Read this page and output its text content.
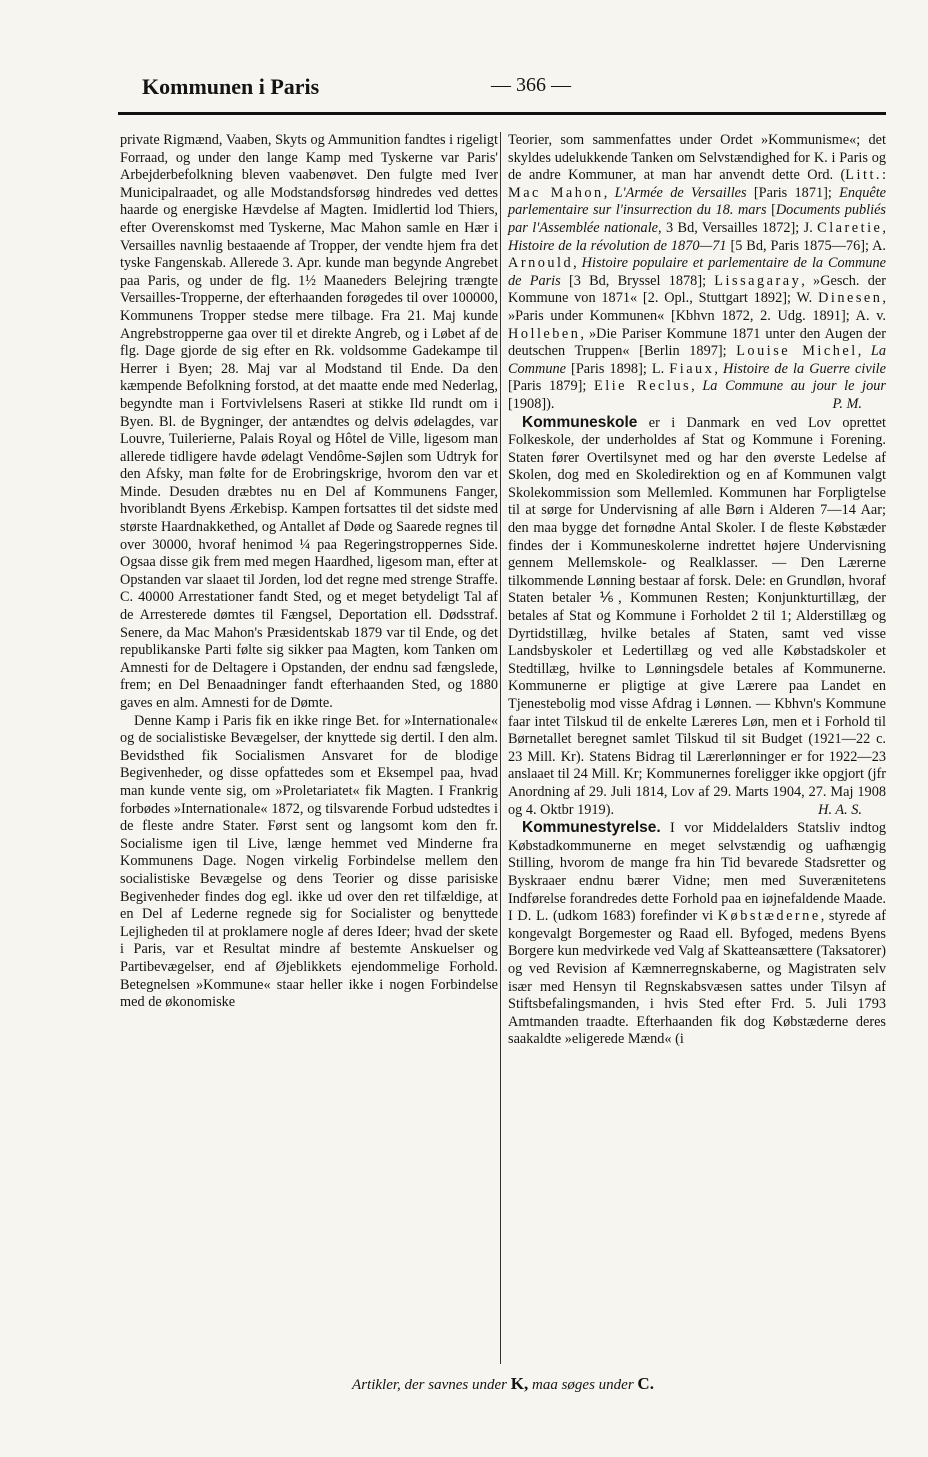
Kommunen i Paris	— 366 —

private Rigmænd, Vaaben, Skyts og Ammunition fandtes i rigeligt Forraad, og under den lange Kamp med Tyskerne var Paris' Arbejderbefolkning bleven vaabenøvet. Den fulgte med Iver Municipalraadet, og alle Modstandsforsøg hindredes ved dettes haarde og energiske Hævdelse af Magten. Imidlertid lod Thiers, efter Overenskomst med Tyskerne, Mac Mahon samle en Hær i Versailles navnlig bestaaende af Tropper, der vendte hjem fra det tyske Fangenskab. Allerede 3. Apr. kunde man begynde Angrebet paa Paris, og under de flg. 1½ Maaneders Belejring trængte Versailles-Tropperne, der efterhaanden forøgedes til over 100000, Kommunens Tropper stedse mere tilbage. Fra 21. Maj kunde Angrebstropperne gaa over til et direkte Angreb, og i Løbet af de flg. Dage gjorde de sig efter en Rk. voldsomme Gadekampe til Herrer i Byen; 28. Maj var al Modstand til Ende. Da den kæmpende Befolkning forstod, at det maatte ende med Nederlag, begyndte man i Fortvivlelsens Raseri at stikke Ild rundt om i Byen. Bl. de Bygninger, der antændtes og delvis ødelagdes, var Louvre, Tuilerierne, Palais Royal og Hôtel de Ville, ligesom man allerede tidligere havde ødelagt Vendôme-Søjlen som Udtryk for den Afsky, man følte for de Erobringskrige, hvorom den var et Minde. Desuden dræbtes nu en Del af Kommunens Fanger, hvoriblandt Byens Ærkebisp. Kampen fortsattes til det sidste med største Haardnakkethed, og Antallet af Døde og Saarede regnes til over 30000, hvoraf henimod ¼ paa Regeringstroppernes Side. Ogsaa disse gik frem med megen Haardhed, ligesom man, efter at Opstanden var slaaet til Jorden, lod det regne med strenge Straffe. C. 40000 Arrestationer fandt Sted, og et meget betydeligt Tal af de Arresterede dømtes til Fængsel, Deportation ell. Dødsstraf. Senere, da Mac Mahon's Præsidentskab 1879 var til Ende, og det republikanske Parti følte sig sikker paa Magten, kom Tanken om Amnesti for de Deltagere i Opstanden, der endnu sad fængslede, frem; en Del Benaadninger fandt efterhaanden Sted, og 1880 gaves en alm. Amnesti for de Dømte.

Denne Kamp i Paris fik en ikke ringe Bet. for »Internationale« og de socialistiske Bevægelser, der knyttede sig dertil. I den alm. Bevidsthed fik Socialismen Ansvaret for de blodige Begivenheder, og disse opfattedes som et Eksempel paa, hvad man kunde vente sig, om »Proletariatet« fik Magten. I Frankrig forbødes »Internationale« 1872, og tilsvarende Forbud udstedtes i de fleste andre Stater. Først sent og langsomt kom den fr. Socialisme igen til Live, længe hemmet ved Minderne fra Kommunens Dage. Nogen virkelig Forbindelse mellem den socialistiske Bevægelse og dens Teorier og disse parisiske Begivenheder findes dog egl. ikke ud over den ret tilfældige, at en Del af Lederne regnede sig for Socialister og benyttede Lejligheden til at proklamere nogle af deres Ideer; hvad der skete i Paris, var et Resultat mindre af bestemte Anskuelser og Partibevægelser, end af Øjeblikkets ejendommelige Forhold. Betegnelsen »Kommune« staar heller ikke i nogen Forbindelse med de økonomiske

Teorier, som sammenfattes under Ordet »Kommunisme«; det skyldes udelukkende Tanken om Selvstændighed for K. i Paris og de andre Kommuner, at man har anvendt dette Ord. (Litt.: Mac Mahon, L'Armée de Versailles [Paris 1871]; Enquête parlementaire sur l'insurrection du 18. mars [Documents publiés par l'Assemblée nationale, 3 Bd, Versailles 1872]; J. Claretie, Histoire de la révolution de 1870—71 [5 Bd, Paris 1875—76]; A. Arnould, Histoire populaire et parlementaire de la Commune de Paris [3 Bd, Bryssel 1878]; Lissagaray, »Gesch. der Kommune von 1871« [2. Opl., Stuttgart 1892]; W. Dinesen, »Paris under Kommunen« [Kbhvn 1872, 2. Udg. 1891]; A. v. Holleben, »Die Pariser Kommune 1871 unter den Augen der deutschen Truppen« [Berlin 1897]; Louise Michel, La Commune [Paris 1898]; L. Fiaux, Histoire de la Guerre civile [Paris 1879]; Elie Reclus, La Commune au jour le jour [1908]).	P. M.

Kommuneskole er i Danmark en ved Lov oprettet Folkeskole, der underholdes af Stat og Kommune i Forening. Staten fører Overtilsynet med og har den øverste Ledelse af Skolen, dog med en Skoledirektion og en af Kommunen valgt Skolekommission som Mellemled. Kommunen har Forpligtelse til at sørge for Undervisning af alle Børn i Alderen 7—14 Aar; den maa bygge det fornødne Antal Skoler. I de fleste Købstæder findes der i Kommuneskolerne indrettet højere Undervisning gennem Mellemskole- og Realklasser. — Den Lærerne tilkommende Lønning bestaar af forsk. Dele: en Grundløn, hvoraf Staten betaler ⅙, Kommunen Resten; Konjunkturtillæg, der betales af Stat og Kommune i Forholdet 2 til 1; Alderstillæg og Dyrtidstillæg, hvilke betales af Staten, samt ved visse Landsbyskoler et Ledertillæg og ved alle Købstadskoler et Stedtillæg, hvilke to Lønningsdele betales af Kommunerne. Kommunerne er pligtige at give Lærere paa Landet en Tjenestebolig mod visse Afdrag i Lønnen. — Kbhvn's Kommune faar intet Tilskud til de enkelte Læreres Løn, men et i Forhold til Børnetallet beregnet samlet Tilskud til sit Budget (1921—22 c. 23 Mill. Kr). Statens Bidrag til Lærerlønninger er for 1922—23 anslaaet til 24 Mill. Kr; Kommunernes foreligger ikke opgjort (jfr Anordning af 29. Juli 1814, Lov af 29. Marts 1904, 27. Maj 1908 og 4. Oktbr 1919).	H. A. S.

Kommunestyrelse. I vor Middelalders Statsliv indtog Købstadkommunerne en meget selvstændig og uafhængig Stilling, hvorom de mange fra hin Tid bevarede Stadsretter og Byskraaer endnu bærer Vidne; men med Suverænitetens Indførelse forandredes dette Forhold paa en iøjnefaldende Maade. I D. L. (udkom 1683) forefinder vi Købstæderne, styrede af kongevalgt Borgemester og Raad ell. Byfoged, medens Byens Borgere kun medvirkede ved Valg af Skatteansættere (Taksatorer) og ved Revision af Kæmnerregnskaberne, og Magistraten selv især med Hensyn til Regnskabsvæsen sattes under Tilsyn af Stiftsbefalingsmanden, i hvis Sted efter Frd. 5. Juli 1793 Amtmanden traadte. Efterhaanden fik dog Købstæderne deres saakaldte »eligerede Mænd« (i

Artikler, der savnes under K, maa søges under C.
